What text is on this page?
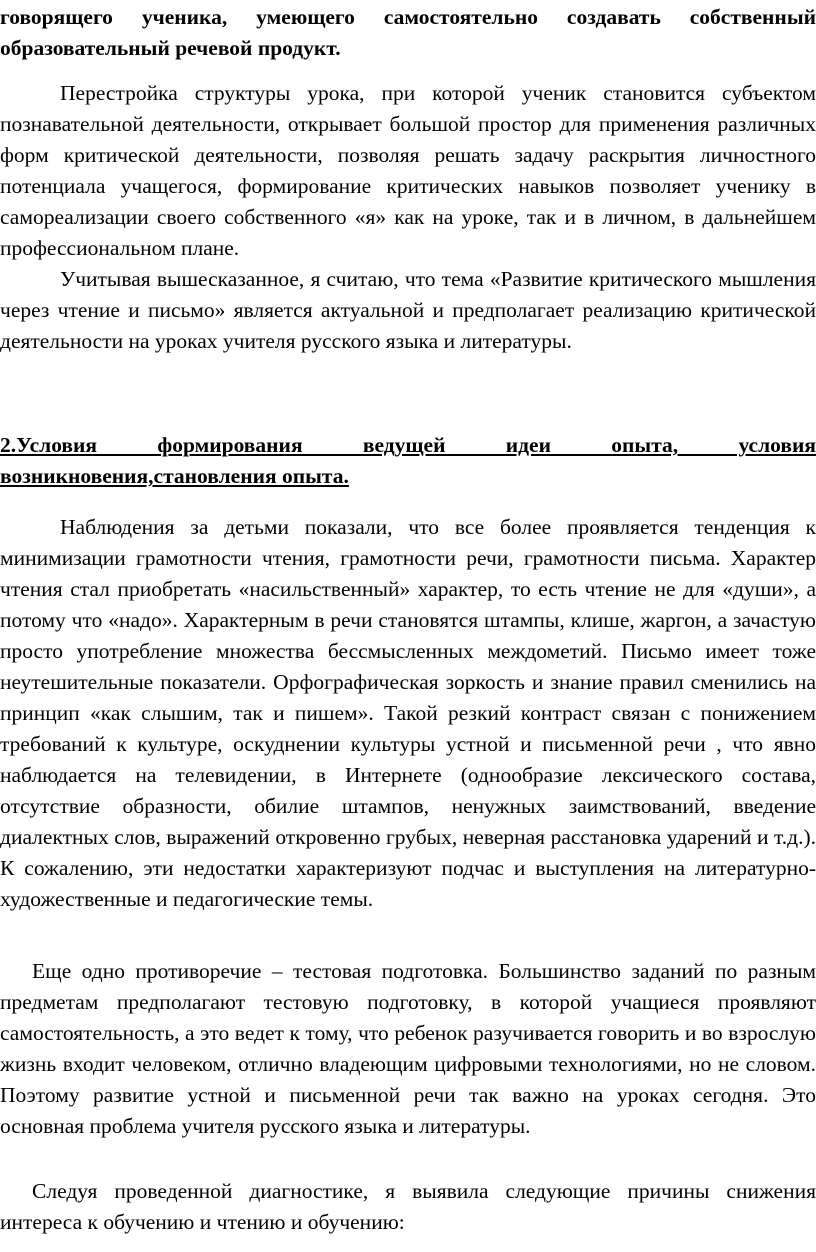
говорящего ученика, умеющего самостоятельно создавать собственный образовательный речевой продукт.

Перестройка структуры урока, при которой ученик становится субъектом познавательной деятельности, открывает большой простор для применения различных форм критической деятельности, позволяя решать задачу раскрытия личностного потенциала учащегося, формирование критических навыков позволяет ученику в самореализации своего собственного «я» как на уроке, так и в личном, в дальнейшем профессиональном плане.

Учитывая вышесказанное, я считаю, что тема «Развитие критического мышления через чтение и письмо» является актуальной и предполагает реализацию критической деятельности на уроках учителя русского языка и литературы.

2.Условия формирования ведущей идеи опыта, условия возникновения,становления опыта.

Наблюдения за детьми показали, что все более проявляется тенденция к минимизации грамотности чтения, грамотности речи, грамотности письма. Характер чтения стал приобретать «насильственный» характер, то есть чтение не для «души», а потому что «надо». Характерным в речи становятся штампы, клише, жаргон, а зачастую просто употребление множества бессмысленных междометий. Письмо имеет тоже неутешительные показатели. Орфографическая зоркость и знание правил сменились на принцип «как слышим, так и пишем». Такой резкий контраст связан с понижением требований к культуре, оскуднении культуры устной и письменной речи , что явно наблюдается на телевидении, в Интернете (однообразие лексического состава, отсутствие образности, обилие штампов, ненужных заимствований, введение диалектных слов, выражений откровенно грубых, неверная расстановка ударений и т.д.). К сожалению, эти недостатки характеризуют подчас и выступления на литературно-художественные и педагогические темы.

Еще одно противоречие – тестовая подготовка. Большинство заданий по разным предметам предполагают тестовую подготовку, в которой учащиеся проявляют самостоятельность, а это ведет к тому, что ребенок разучивается говорить и во взрослую жизнь входит человеком, отлично владеющим цифровыми технологиями, но не словом. Поэтому развитие устной и письменной речи так важно на уроках сегодня. Это основная проблема учителя русского языка и литературы.

Следуя проведенной диагностике, я выявила следующие причины снижения интереса к обучению и чтению и обучению:
